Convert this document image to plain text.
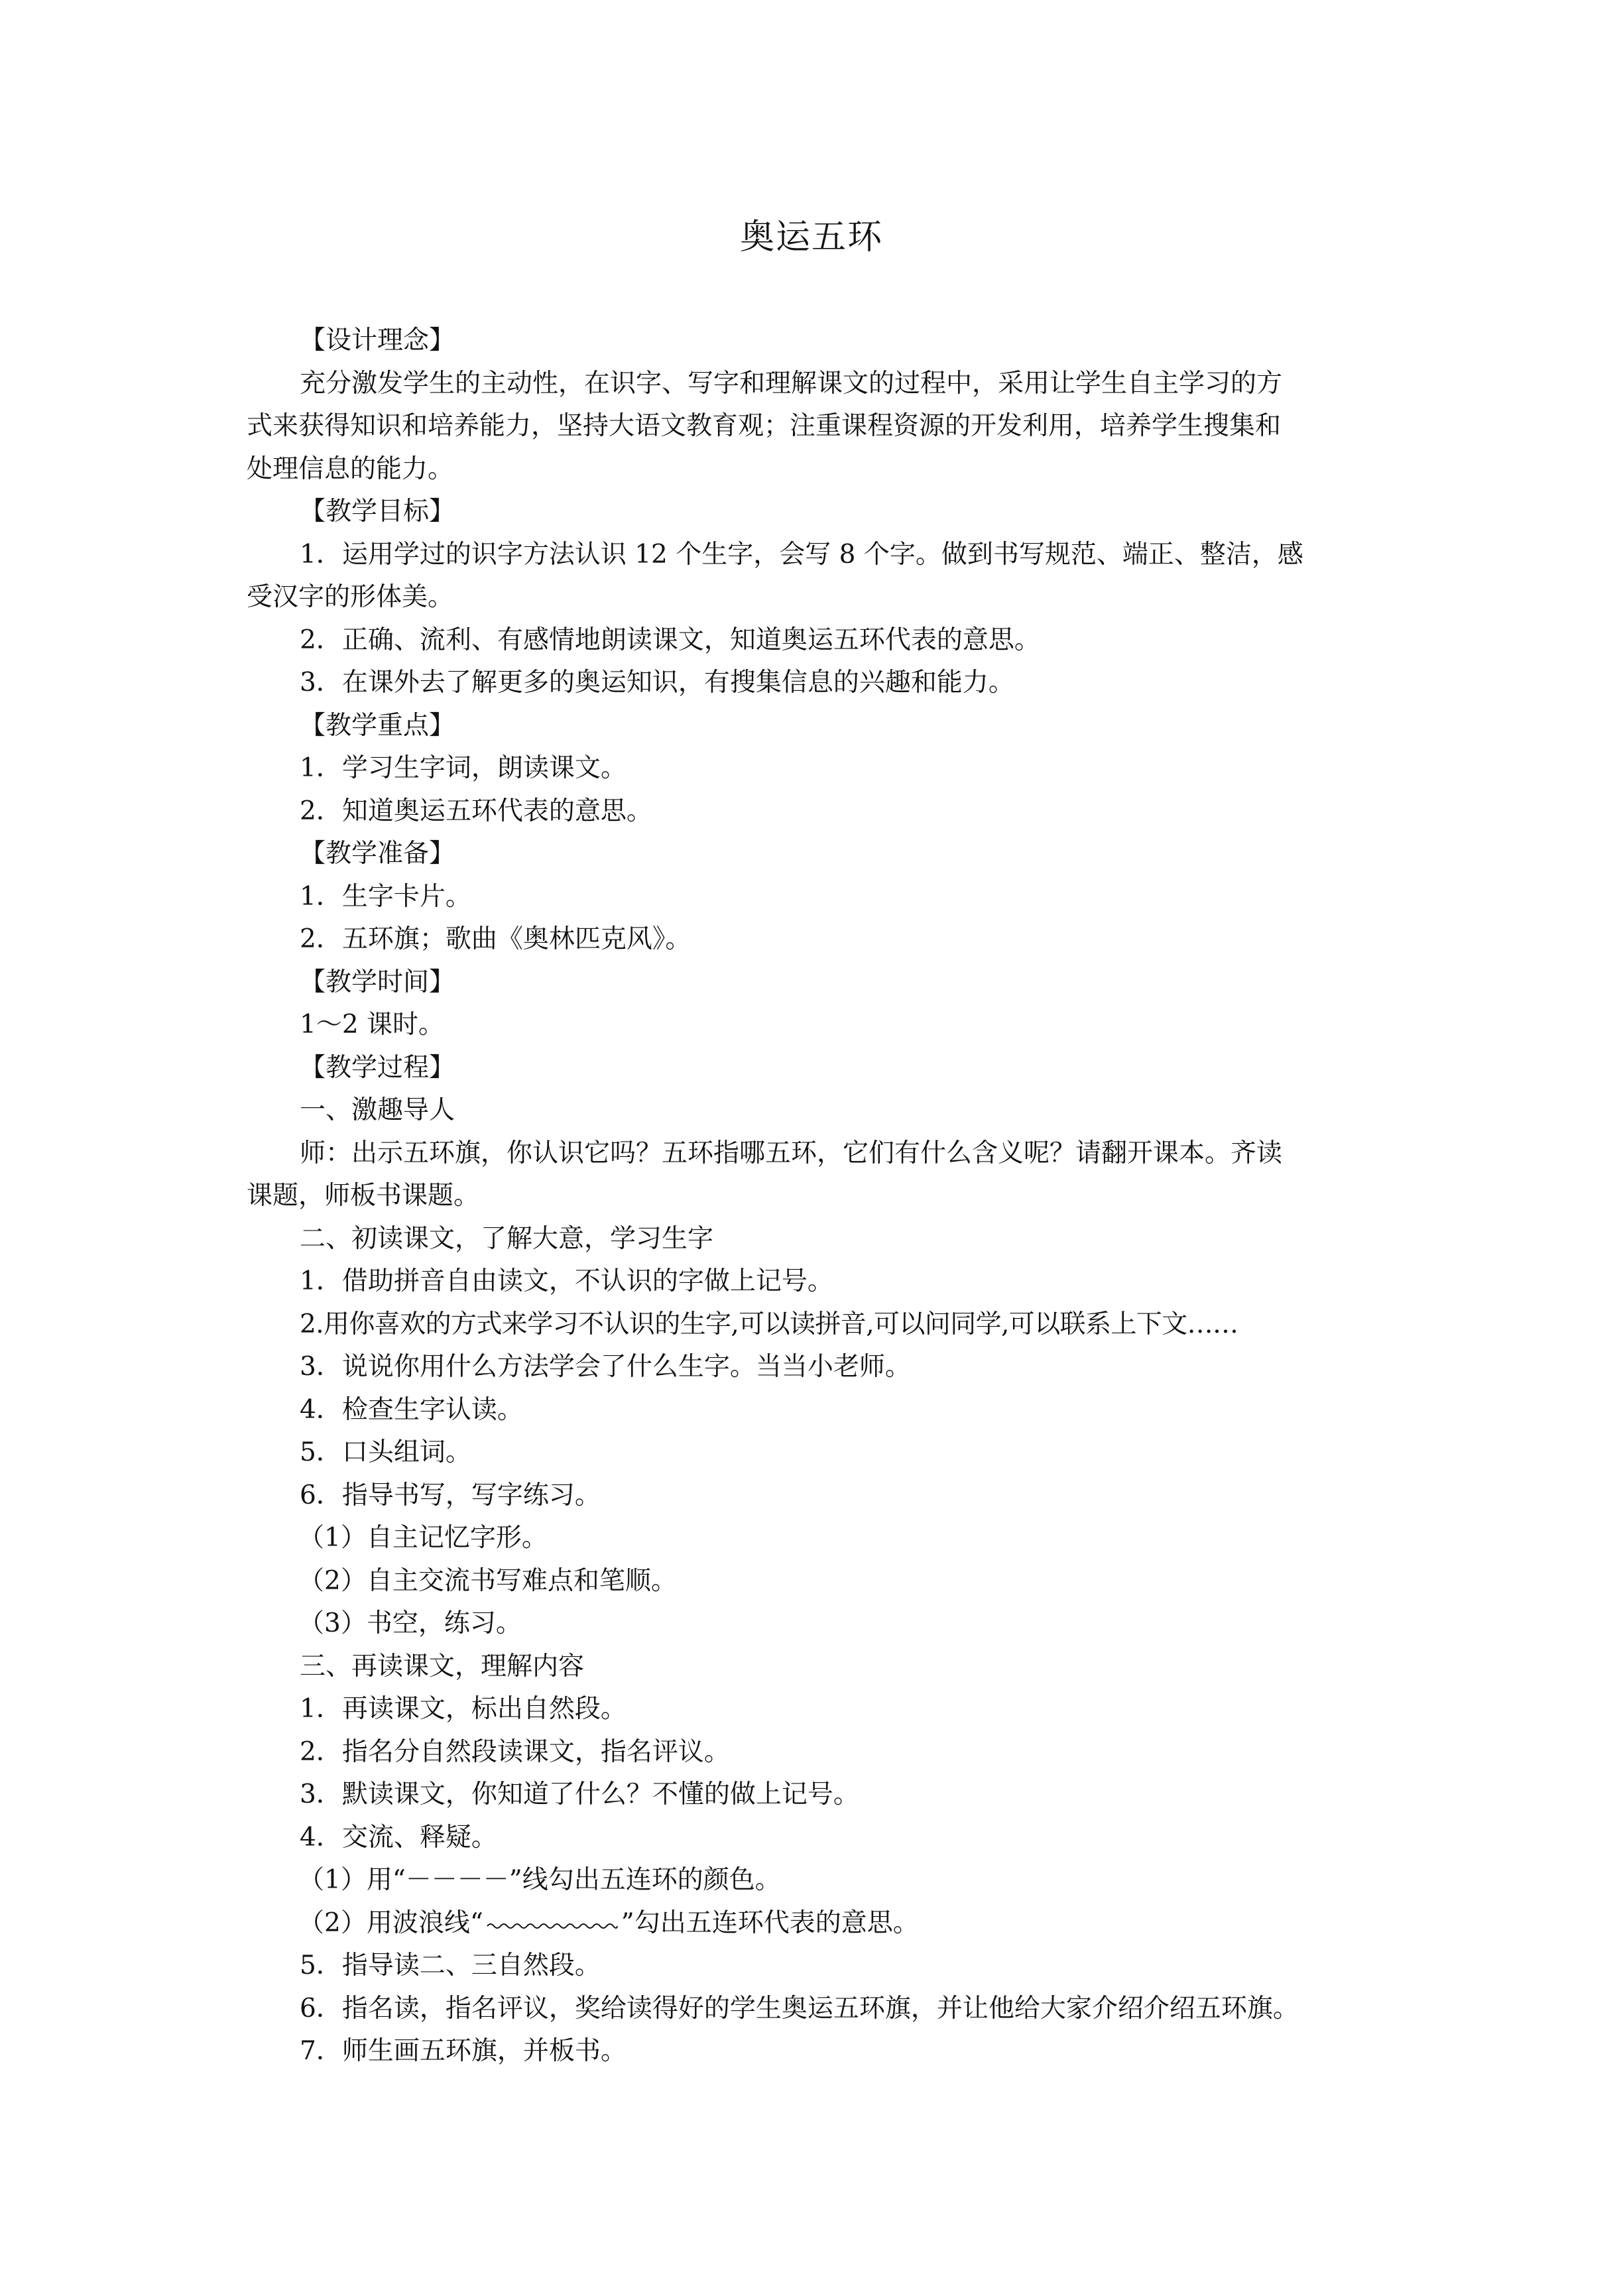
奥运五环

【设计理念】

充分激发学生的主动性，在识字、写字和理解课文的过程中，采用让学生自主学习的方

式来获得知识和培养能力，坚持大语文教育观；注重课程资源的开发利用，培养学生搜集和

处理信息的能力。

【教学目标】

1．运用学过的识字方法认识 12 个生字，会写 8 个字。做到书写规范、端正、整洁，感

受汉字的形体美。

2．正确、流利、有感情地朗读课文，知道奥运五环代表的意思。

3．在课外去了解更多的奥运知识，有搜集信息的兴趣和能力。

【教学重点】

1．学习生字词，朗读课文。

2．知道奥运五环代表的意思。

【教学准备】

1．生字卡片。

2．五环旗；歌曲《奥林匹克风》。

【教学时间】

1～2 课时。

【教学过程】

一、激趣导人

师：出示五环旗，你认识它吗？五环指哪五环，它们有什么含义呢？请翻开课本。齐读

课题，师板书课题。

二、初读课文，了解大意，学习生字

1．借助拼音自由读文，不认识的字做上记号。

2.用你喜欢的方式来学习不认识的生字,可以读拼音,可以问同学,可以联系上下文……

3．说说你用什么方法学会了什么生字。当当小老师。

4．检查生字认读。

5．口头组词。

6．指导书写，写字练习。

（1）自主记忆字形。

（2）自主交流书写难点和笔顺。

（3）书空，练习。

三、再读课文，理解内容

1．再读课文，标出自然段。

2．指名分自然段读课文，指名评议。

3．默读课文，你知道了什么？不懂的做上记号。

4．交流、释疑。

（1）用“－－－－”线勾出五连环的颜色。

（2）用波浪线“	”勾出五连环代表的意思。

5．指导读二、三自然段。

6．指名读，指名评议，奖给读得好的学生奥运五环旗，并让他给大家介绍介绍五环旗。

7．师生画五环旗，并板书。
